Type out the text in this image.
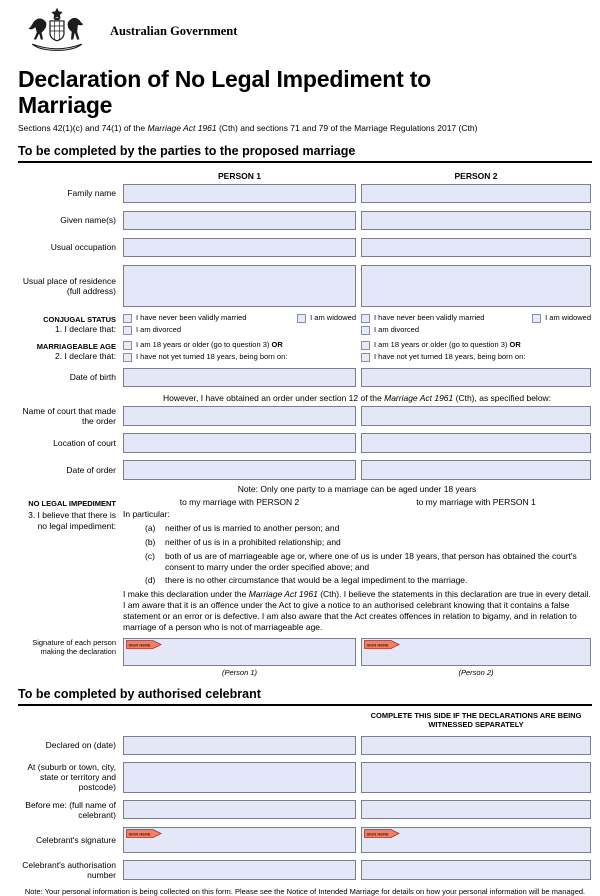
Australian Government
Declaration of No Legal Impediment to Marriage

Sections 42(1)(c) and 74(1) of the Marriage Act 1961 (Cth) and sections 71 and 79 of the Marriage Regulations 2017 (Cth)

To be completed by the parties to the proposed marriage
PERSON 1	PERSON 2
Family name
Given name(s)
Usual occupation
Usual place of residence (full address)
CONJUGAL STATUS
1. I declare that:
I have never been validly married	I am widowed
I am divorced
I have never been validly married	I am widowed
I am divorced
MARRIAGEABLE AGE
2. I declare that:
I am 18 years or older (go to question 3) OR
I have not yet turned 18 years, being born on:
I am 18 years or older (go to question 3) OR
I have not yet turned 18 years, being born on:
Date of birth
However, I have obtained an order under section 12 of the Marriage Act 1961 (Cth), as specified below:
Name of court that made the order
Location of court
Date of order
Note: Only one party to a marriage can be aged under 18 years
NO LEGAL IMPEDIMENT	to my marriage with PERSON 2	to my marriage with PERSON 1
3. I believe that there is no legal impediment:
In particular:
(a)	neither of us is married to another person; and
(b)	neither of us is in a prohibited relationship; and
(c)	both of us are of marriageable age or, where one of us is under 18 years, that person has obtained the court's consent to marry under the order specified above; and
(d)	there is no other circumstance that would be a legal impediment to the marriage.

I make this declaration under the Marriage Act 1961 (Cth). I believe the statements in this declaration are true in every detail. I am aware that it is an offence under the Act to give a notice to an authorised celebrant knowing that it contains a false statement or an error or is defective. I am also aware that the Act creates offences in relation to bigamy, and in relation to marriage of a person who is not of marriageable age.

Signature of each person making the declaration
SIGN HERE
(Person 1)
SIGN HERE
(Person 2)
To be completed by authorised celebrant
COMPLETE THIS SIDE IF THE DECLARATIONS ARE BEING WITNESSED SEPARATELY
Declared on (date)
At (suburb or town, city, state or territory and postcode)
Before me: (full name of celebrant)
Celebrant's signature
SIGN HERE	SIGN HERE
Celebrant's authorisation number

Note: Your personal information is being collected on this form. Please see the Notice of Intended Marriage for details on how your personal information will be managed.
